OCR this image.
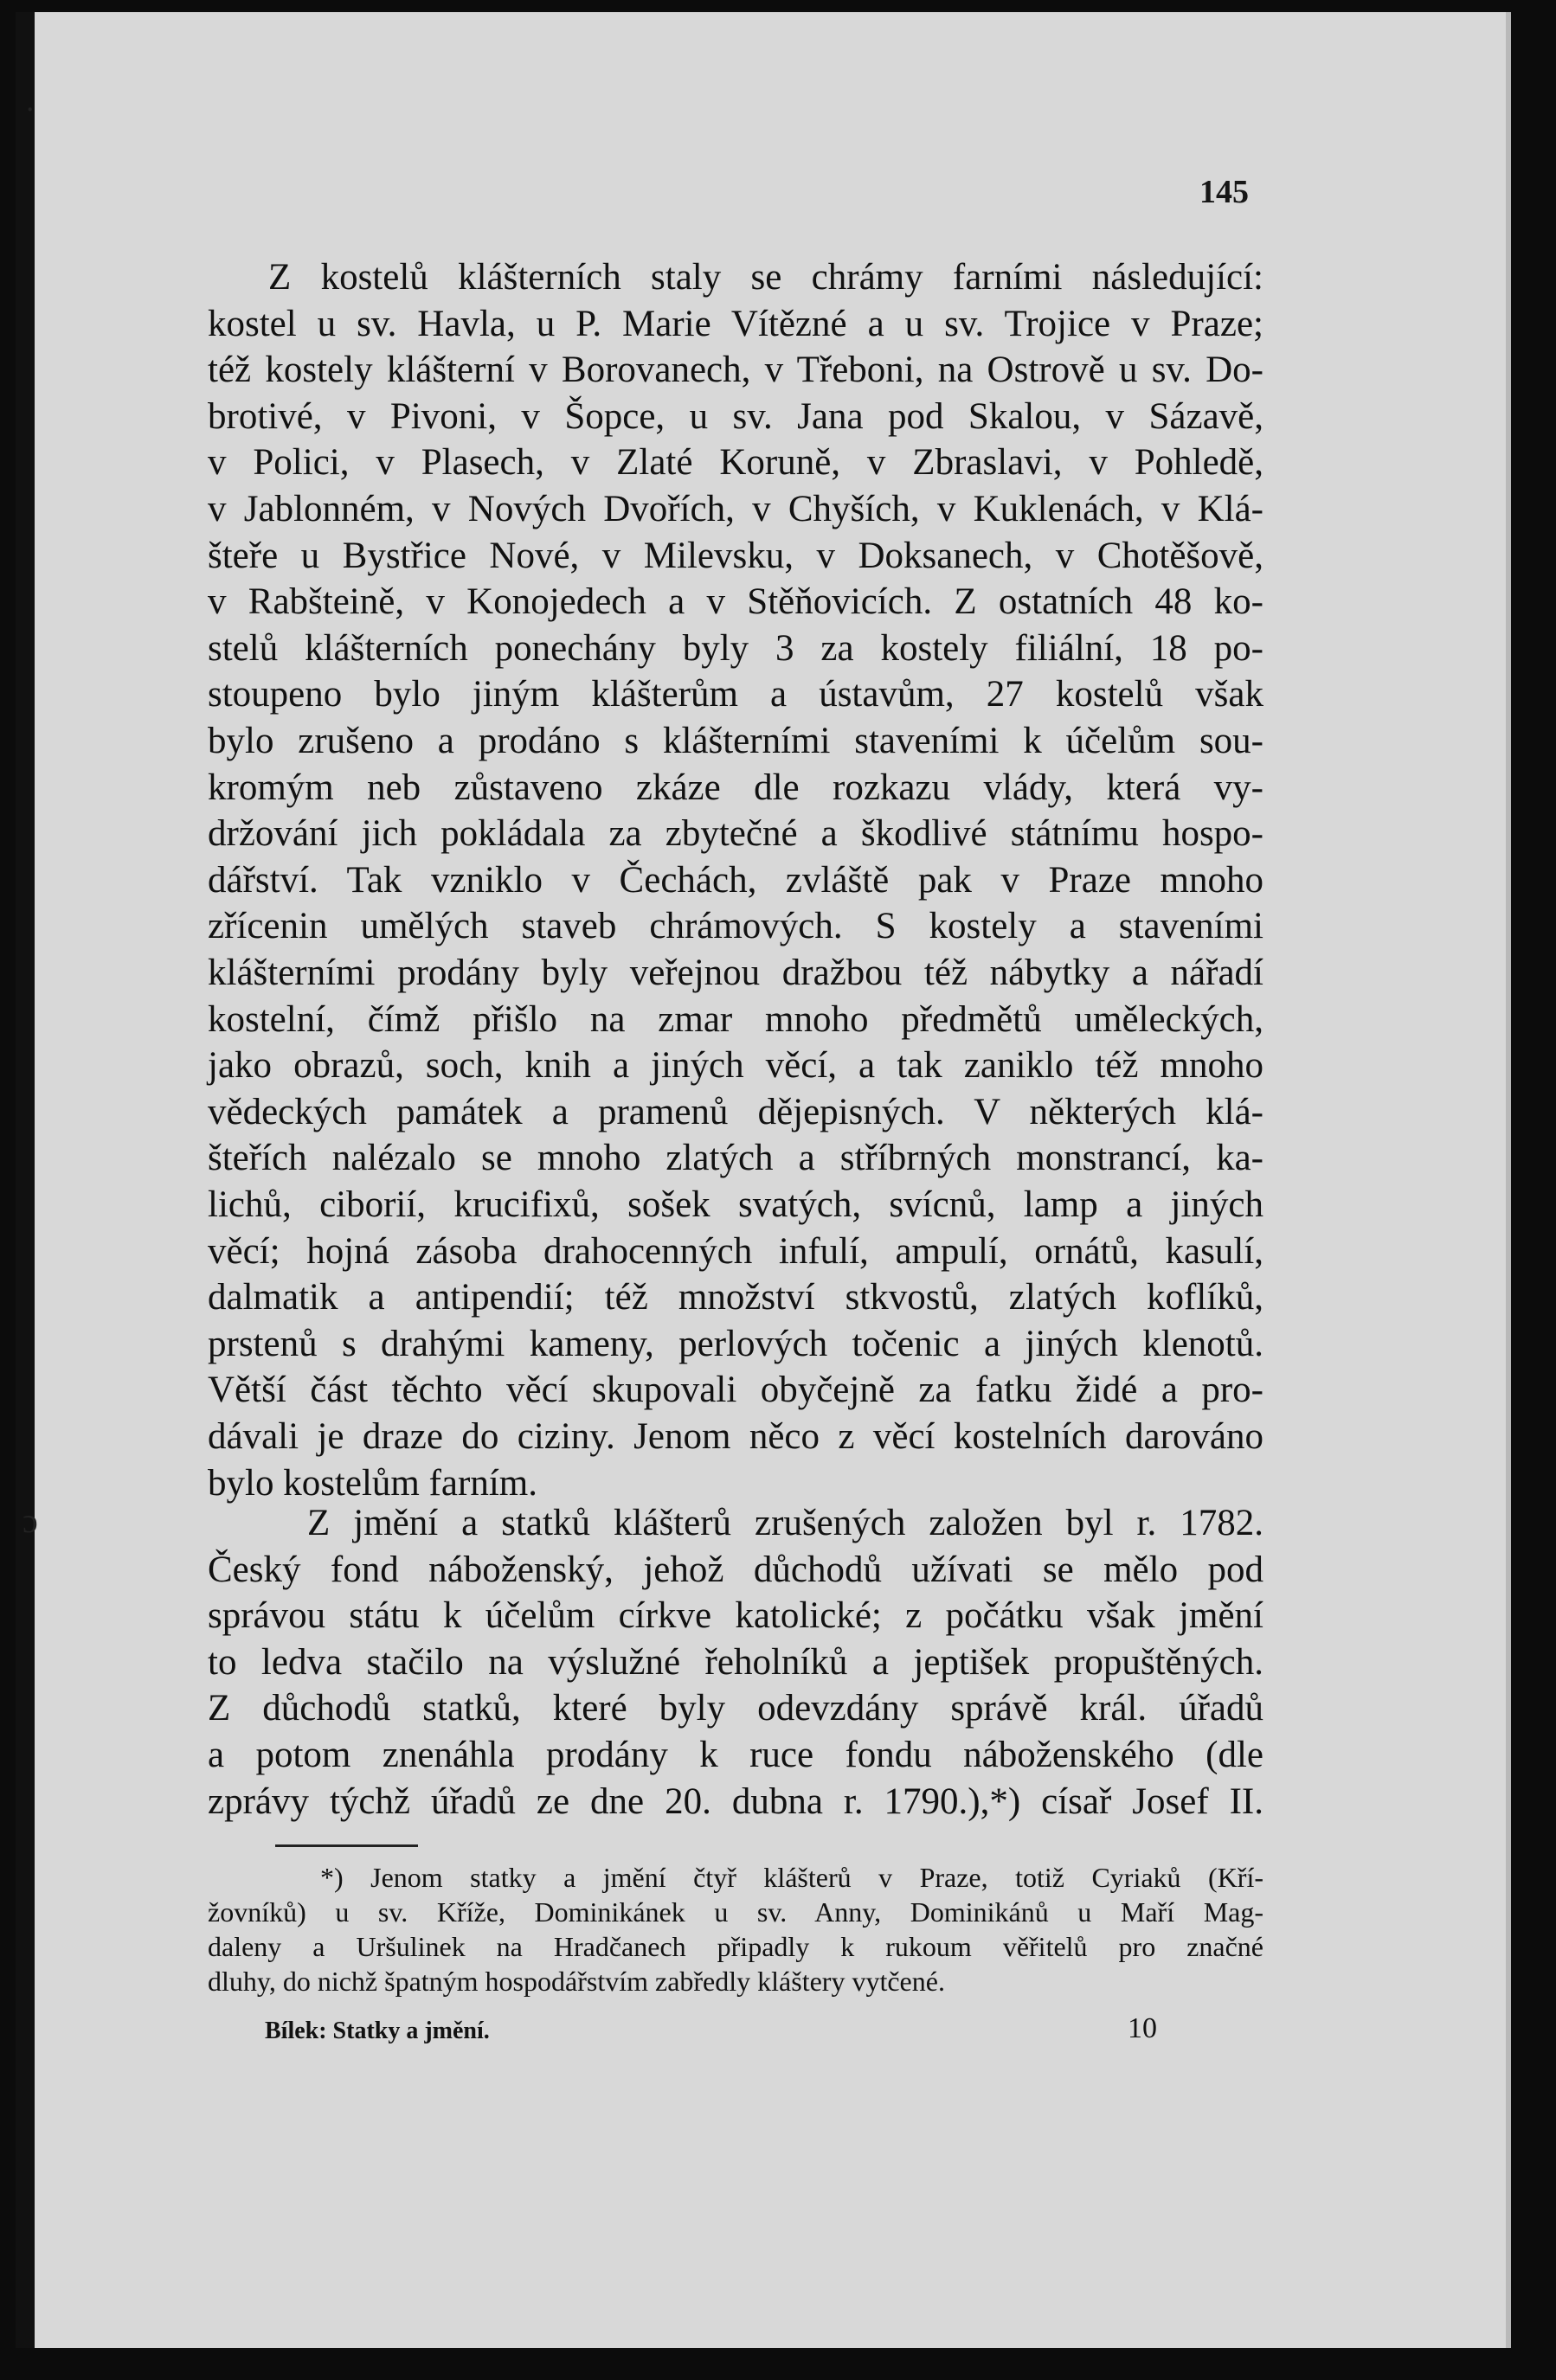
˙
ɔ
145
Z kostelů klášterních staly se chrámy farními následující:
kostel u sv. Havla, u P. Marie Vítězné a u sv. Trojice v Praze;
též kostely klášterní v Borovanech, v Třeboni, na Ostrově u sv. Do-
brotivé, v Pivoni, v Šopce, u sv. Jana pod Skalou, v Sázavě,
v Polici, v Plasech, v Zlaté Koruně, v Zbraslavi, v Pohledě,
v Jablonném, v Nových Dvořích, v Chyších, v Kuklenách, v Klá-
šteře u Bystřice Nové, v Milevsku, v Doksanech, v Chotěšově,
v Rabšteině, v Konojedech a v Stěňovicích. Z ostatních 48 ko-
stelů klášterních ponechány byly 3 za kostely filiální, 18 po-
stoupeno bylo jiným klášterům a ústavům, 27 kostelů však
bylo zrušeno a prodáno s klášterními staveními k účelům sou-
kromým neb zůstaveno zkáze dle rozkazu vlády, která vy-
držování jich pokládala za zbytečné a škodlivé státnímu hospo-
dářství. Tak vzniklo v Čechách, zvláště pak v Praze mnoho
zřícenin umělých staveb chrámových. S kostely a staveními
klášterními prodány byly veřejnou dražbou též nábytky a nářadí
kostelní, čímž přišlo na zmar mnoho předmětů uměleckých,
jako obrazů, soch, knih a jiných věcí, a tak zaniklo též mnoho
vědeckých památek a pramenů dějepisných. V některých klá-
šteřích nalézalo se mnoho zlatých a stříbrných monstrancí, ka-
lichů, ciborií, krucifixů, sošek svatých, svícnů, lamp a jiných
věcí; hojná zásoba drahocenných infulí, ampulí, ornátů, kasulí,
dalmatik a antipendií; též množství stkvostů, zlatých koflíků,
prstenů s drahými kameny, perlových točenic a jiných klenotů.
Větší část těchto věcí skupovali obyčejně za fatku židé a pro-
dávali je draze do ciziny. Jenom něco z věcí kostelních darováno
bylo kostelům farním.
Z jmění a statků klášterů zrušených založen byl r. 1782.
Český fond náboženský, jehož důchodů užívati se mělo pod
správou státu k účelům církve katolické; z počátku však jmění
to ledva stačilo na výslužné řeholníků a jeptišek propuštěných.
Z důchodů statků, které byly odevzdány správě král. úřadů
a potom znenáhla prodány k ruce fondu náboženského (dle
zprávy týchž úřadů ze dne 20. dubna r. 1790.),*) císař Josef II.
*) Jenom statky a jmění čtyř klášterů v Praze, totiž Cyriaků (Kří-
žovníků) u sv. Kříže, Dominikánek u sv. Anny, Dominikánů u Maří Mag-
daleny a Uršulinek na Hradčanech připadly k rukoum věřitelů pro značné
dluhy, do nichž špatným hospodářstvím zabředly kláštery vytčené.
Bílek: Statky a jmění.	10
